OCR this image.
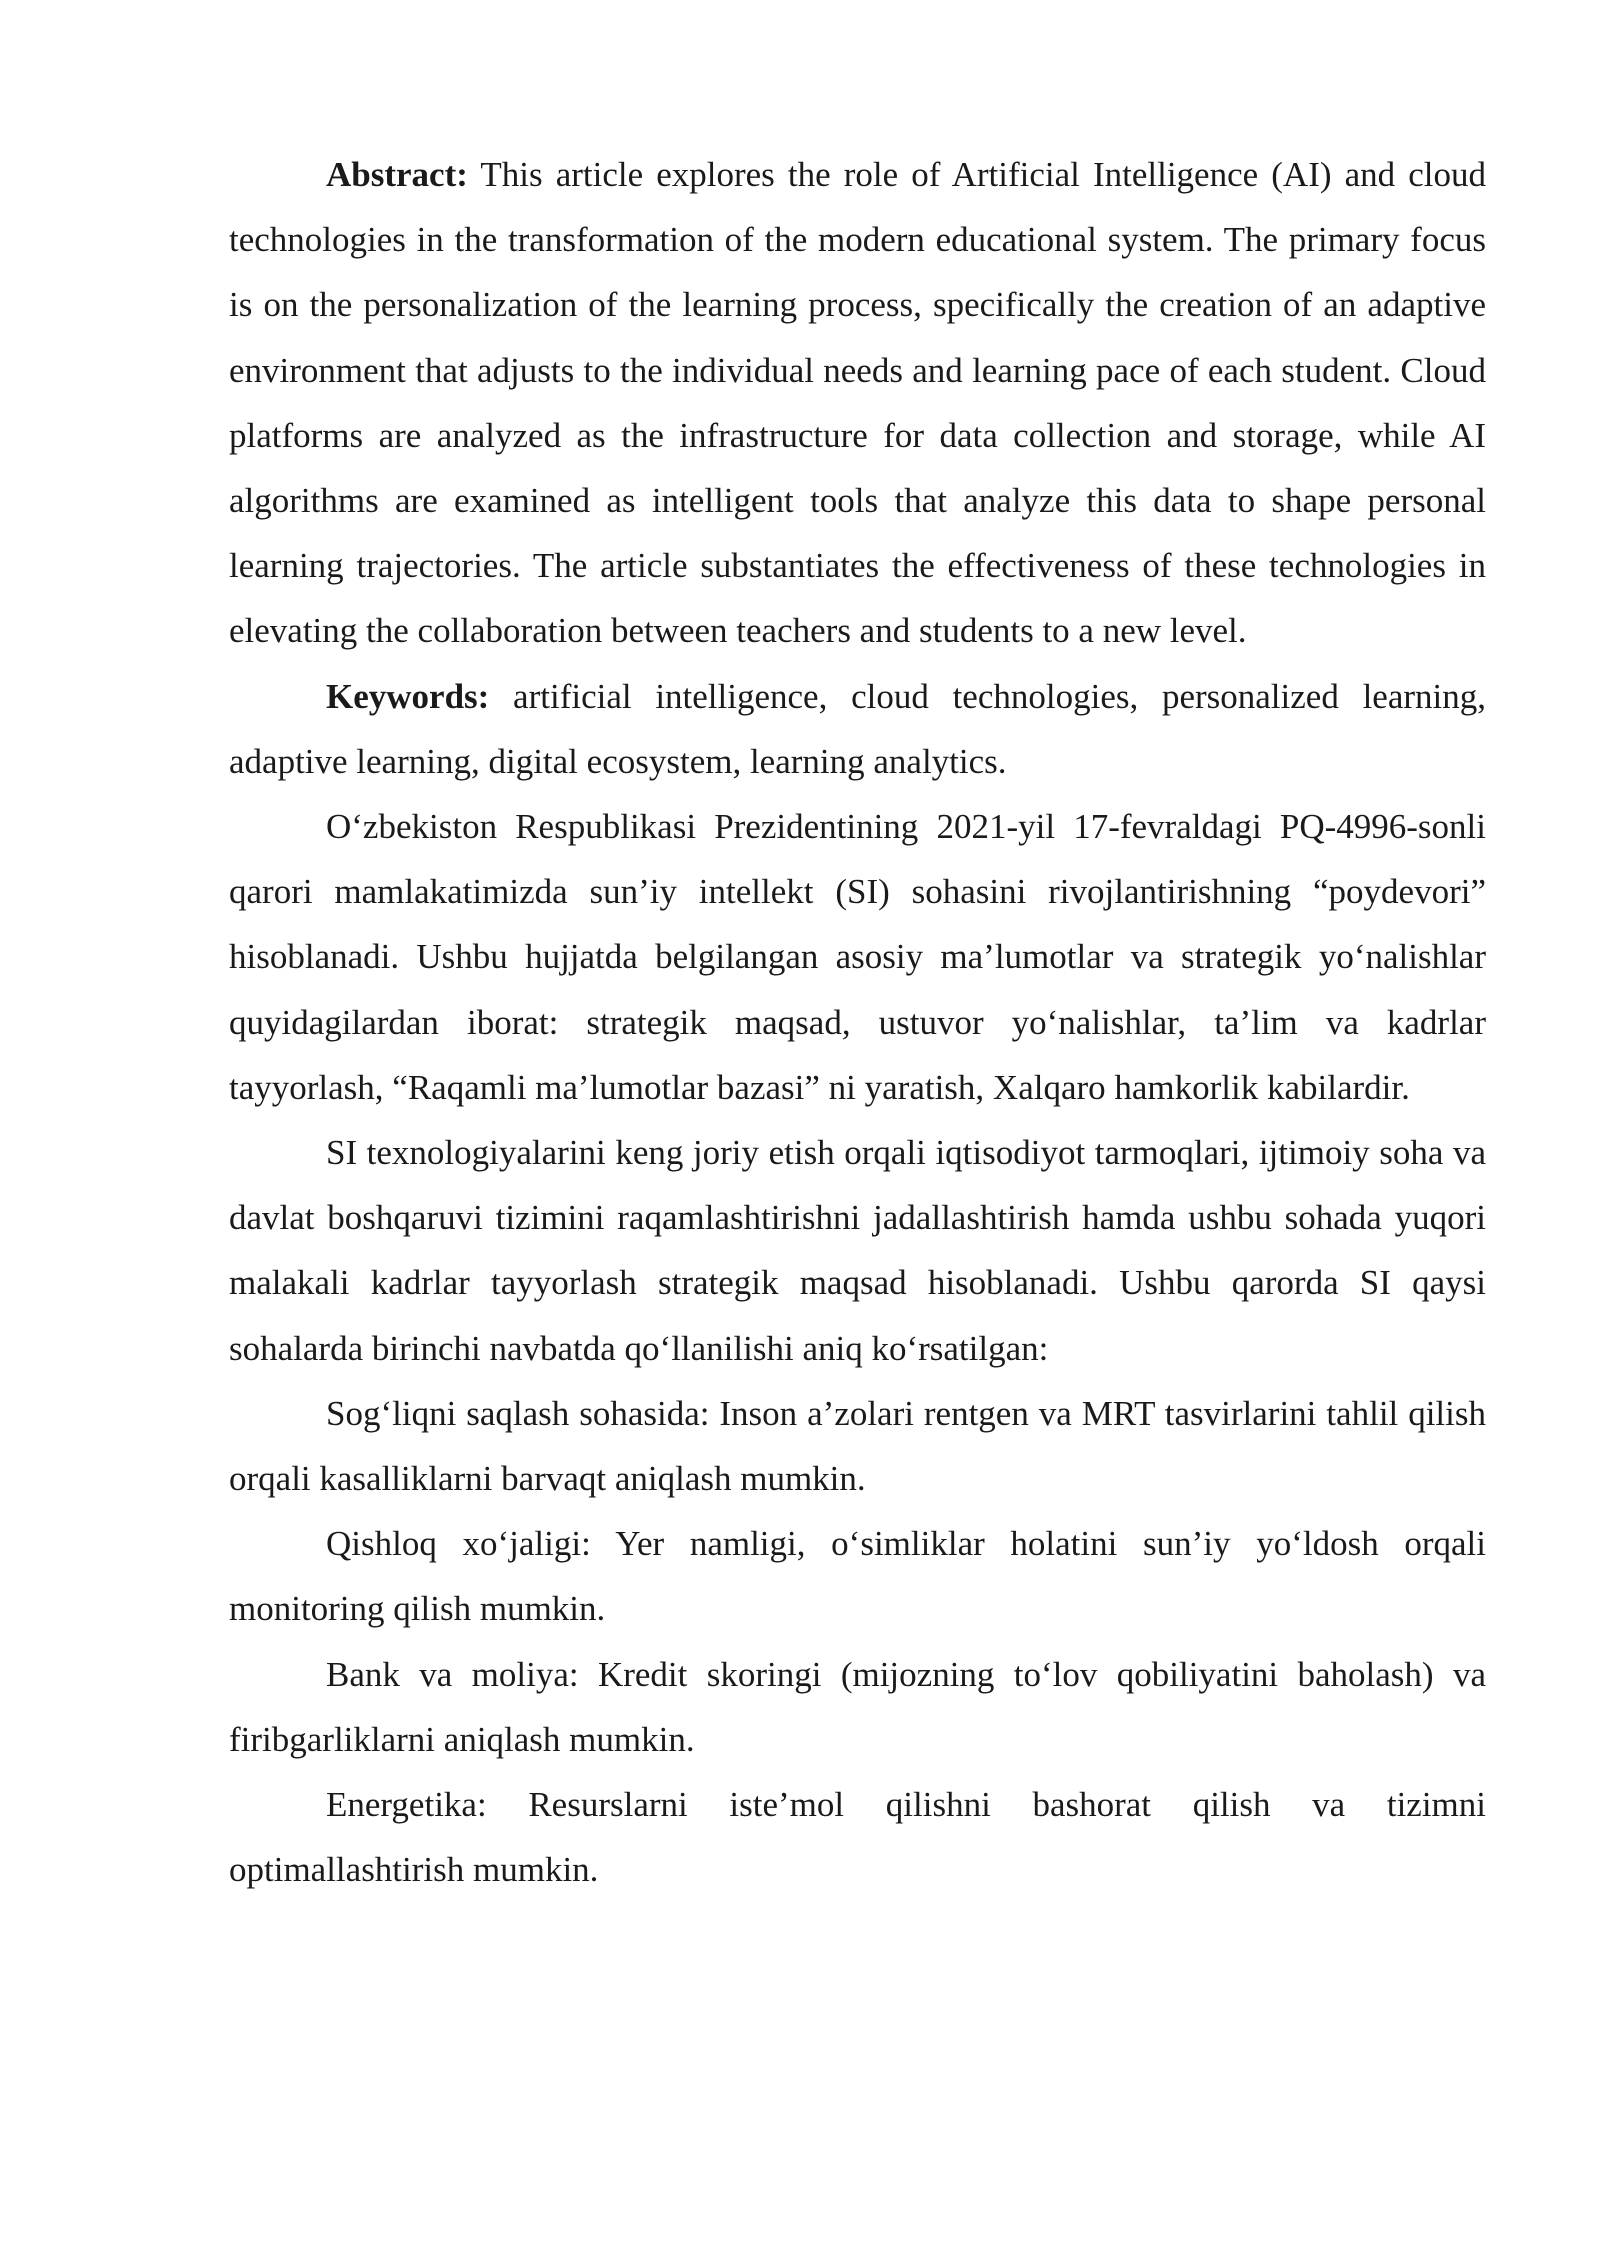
Abstract: This article explores the role of Artificial Intelligence (AI) and cloud technologies in the transformation of the modern educational system. The primary focus is on the personalization of the learning process, specifically the creation of an adaptive environment that adjusts to the individual needs and learning pace of each student. Cloud platforms are analyzed as the infrastructure for data collection and storage, while AI algorithms are examined as intelligent tools that analyze this data to shape personal learning trajectories. The article substantiates the effectiveness of these technologies in elevating the collaboration between teachers and students to a new level.

Keywords: artificial intelligence, cloud technologies, personalized learning, adaptive learning, digital ecosystem, learning analytics.

O‘zbekiston Respublikasi Prezidentining 2021-yil 17-fevraldagi PQ-4996-sonli qarori mamlakatimizda sun’iy intellekt (SI) sohasini rivojlantirishning “poydevori” hisoblanadi. Ushbu hujjatda belgilangan asosiy ma’lumotlar va strategik yo‘nalishlar quyidagilardan iborat: strategik maqsad, ustuvor yo‘nalishlar, ta’lim va kadrlar tayyorlash, “Raqamli ma’lumotlar bazasi” ni yaratish, Xalqaro hamkorlik kabilardir.

SI texnologiyalarini keng joriy etish orqali iqtisodiyot tarmoqlari, ijtimoiy soha va davlat boshqaruvi tizimini raqamlashtirishni jadallashtirish hamda ushbu sohada yuqori malakali kadrlar tayyorlash strategik maqsad hisoblanadi. Ushbu qarorda SI qaysi sohalarda birinchi navbatda qo‘llanilishi aniq ko‘rsatilgan:

Sog‘liqni saqlash sohasida: Inson a’zolari rentgen va MRT tasvirlarini tahlil qilish orqali kasalliklarni barvaqt aniqlash mumkin.

Qishloq xo‘jaligi: Yer namligi, o‘simliklar holatini sun’iy yo‘ldosh orqali monitoring qilish mumkin.

Bank va moliya: Kredit skoringi (mijozning to‘lov qobiliyatini baholash) va firibgarliklarni aniqlash mumkin.

Energetika: Resurslarni iste’mol qilishni bashorat qilish va tizimni optimallashtirish mumkin.
